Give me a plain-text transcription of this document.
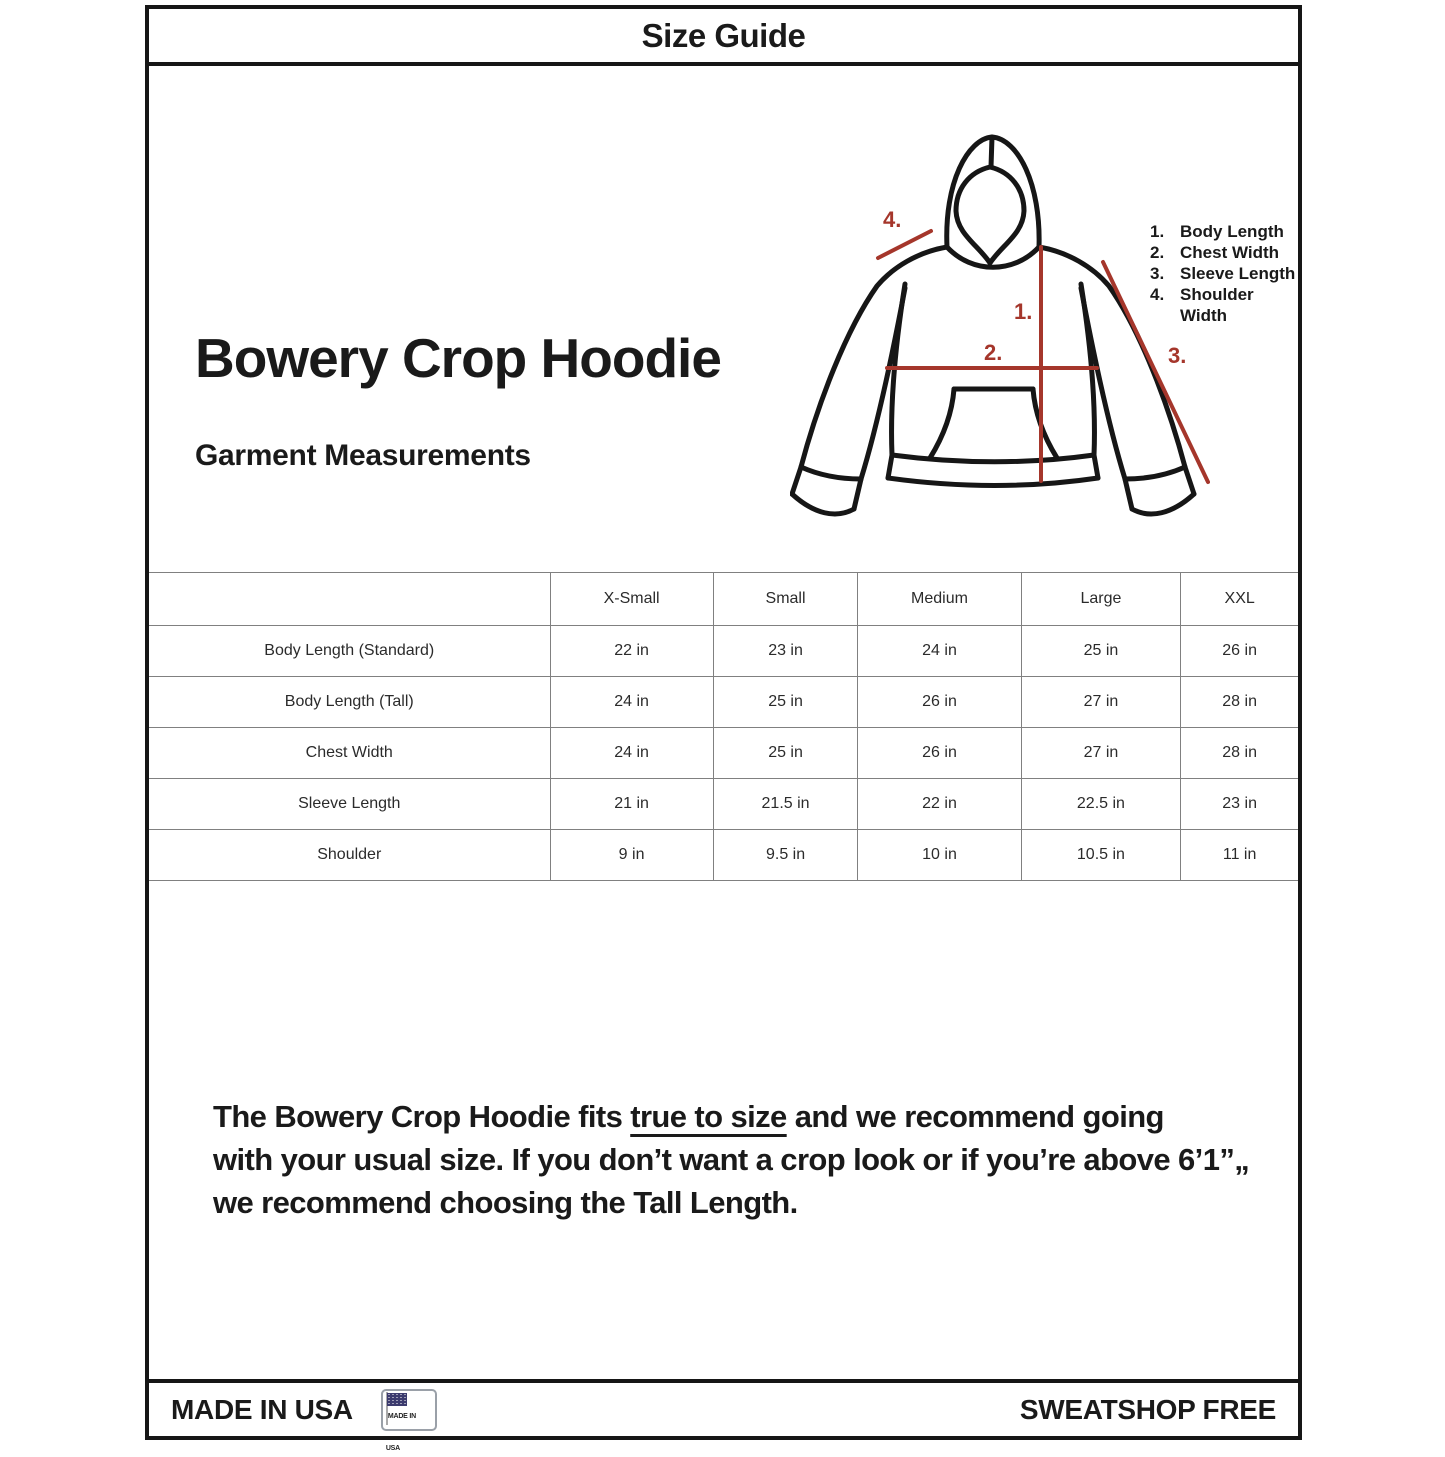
Size Guide
Bowery Crop Hoodie
Garment Measurements
1.
2.	3.
4.	1. Body Length
2. Chest Width
3. Sleeve Length
4. Shoulder Width
	X-Small	Small	Medium	Large	XXL
Body Length (Standard)	22 in	23 in	24 in	25 in	26 in
Body Length (Tall)	24 in	25 in	26 in	27 in	28 in
Chest Width	24 in	25 in	26 in	27 in	28 in
Sleeve Length	21 in	21.5 in	22 in	22.5 in	23 in
Shoulder	9 in	9.5 in	10 in	10.5 in	11 in
The Bowery Crop Hoodie fits true to size and we recommend going
with your usual size. If you don’t want a crop look or if you’re above 6’1”„
we recommend choosing the Tall Length.
MADE IN USA	MADE IN USA
SWEATSHOP FREE
